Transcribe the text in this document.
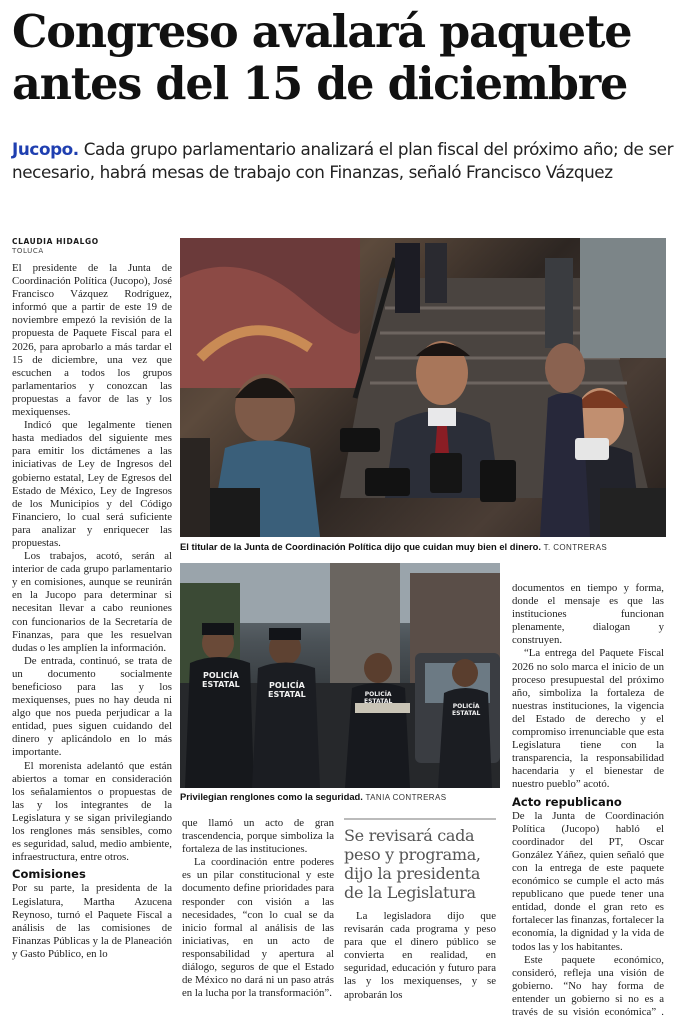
Congreso avalará paquete
antes del 15 de diciembre
Jucopo. Cada grupo parlamentario analizará el plan fiscal del próximo año; de ser necesario, habrá mesas de trabajo con Finanzas, señaló Francisco Vázquez
CLAUDIA HIDALGO
TOLUCA

El presidente de la Junta de Coordinación Política (Jucopo), José Francisco Vázquez Rodríguez, informó que a partir de este 19 de noviembre empezó la revisión de la propuesta de Paquete Fiscal para el 2026, para aprobarlo a más tardar el 15 de diciembre, una vez que escuchen a todos los grupos parlamentarios y conozcan las propuestas a favor de las y los mexiquenses.

Indicó que legalmente tienen hasta mediados del siguiente mes para emitir los dictámenes a las iniciativas de Ley de Ingresos del gobierno estatal, Ley de Egresos del Estado de México, Ley de Ingresos de los Municipios y del Código Financiero, lo cual será suficiente para analizar y enriquecer las propuestas.

Los trabajos, acotó, serán al interior de cada grupo parlamentario y en comisiones, aunque se reunirán en la Jucopo para determinar si necesitan llevar a cabo reuniones con funcionarios de la Secretaría de Finanzas, para que les resuelvan dudas o les amplíen la información.

De entrada, continuó, se trata de un documento socialmente beneficioso para las y los mexiquenses, pues no hay deuda ni algo que nos pueda perjudicar a la entidad, pues siguen cuidando del dinero y aplicándolo en lo más importante.

El morenista adelantó que están abiertos a tomar en consideración los señalamientos o propuestas de las y los integrantes de la Legislatura y se sigan privilegiando los renglones más sensibles, como es seguridad, salud, medio ambiente, infraestructura, entre otros.

Comisiones

Por su parte, la presidenta de la Legislatura, Martha Azucena Reynoso, turnó el Paquete Fiscal a análisis de las comisiones de Finanzas Públicas y la de Planeación y Gasto Público, en lo

El titular de la Junta de Coordinación Política dijo que cuidan muy bien el dinero. T. CONTRERAS
POLICÍA
ESTATAL	POLICÍA
ESTATAL	POLICÍA
ESTATAL
POLICÍA
ESTATAL
Privilegian renglones como la seguridad. TANIA CONTRERAS

que llamó un acto de gran trascendencia, porque simboliza la fortaleza de las instituciones.

La coordinación entre poderes es un pilar constitucional y este documento define prioridades para responder con visión a las necesidades, “con lo cual se da inicio formal al análisis de las iniciativas, en un acto de responsabilidad y apertura al diálogo, seguros de que el Estado de México no dará ni un paso atrás en la lucha por la transformación”.

Se revisará cada peso y programa, dijo la presidenta de la Legislatura

La legisladora dijo que revisarán cada programa y peso para que el dinero público se convierta en realidad, en seguridad, educación y futuro para las y los mexiquenses, y se aprobarán los

documentos en tiempo y forma, donde el mensaje es que las instituciones funcionan plenamente, dialogan y construyen.

“La entrega del Paquete Fiscal 2026 no solo marca el inicio de un proceso presupuestal del próximo año, simboliza la fortaleza de nuestras instituciones, la vigencia del Estado de derecho y el compromiso irrenunciable que esta Legislatura tiene con la transparencia, la responsabilidad hacendaria y el bienestar de nuestro pueblo” acotó.

Acto republicano

De la Junta de Coordinación Política (Jucopo) habló el coordinador del PT, Oscar González Yáñez, quien señaló que con la entrega de este paquete económico se cumple el acto más republicano que puede tener una entidad, donde el gran reto es fortalecer las finanzas, fortalecer la economía, la dignidad y la vida de todos las y los habitantes.

Este paquete económico, consideró, refleja una visión de gobierno. “No hay forma de entender un gobierno si no es a través de su visión económica” .
